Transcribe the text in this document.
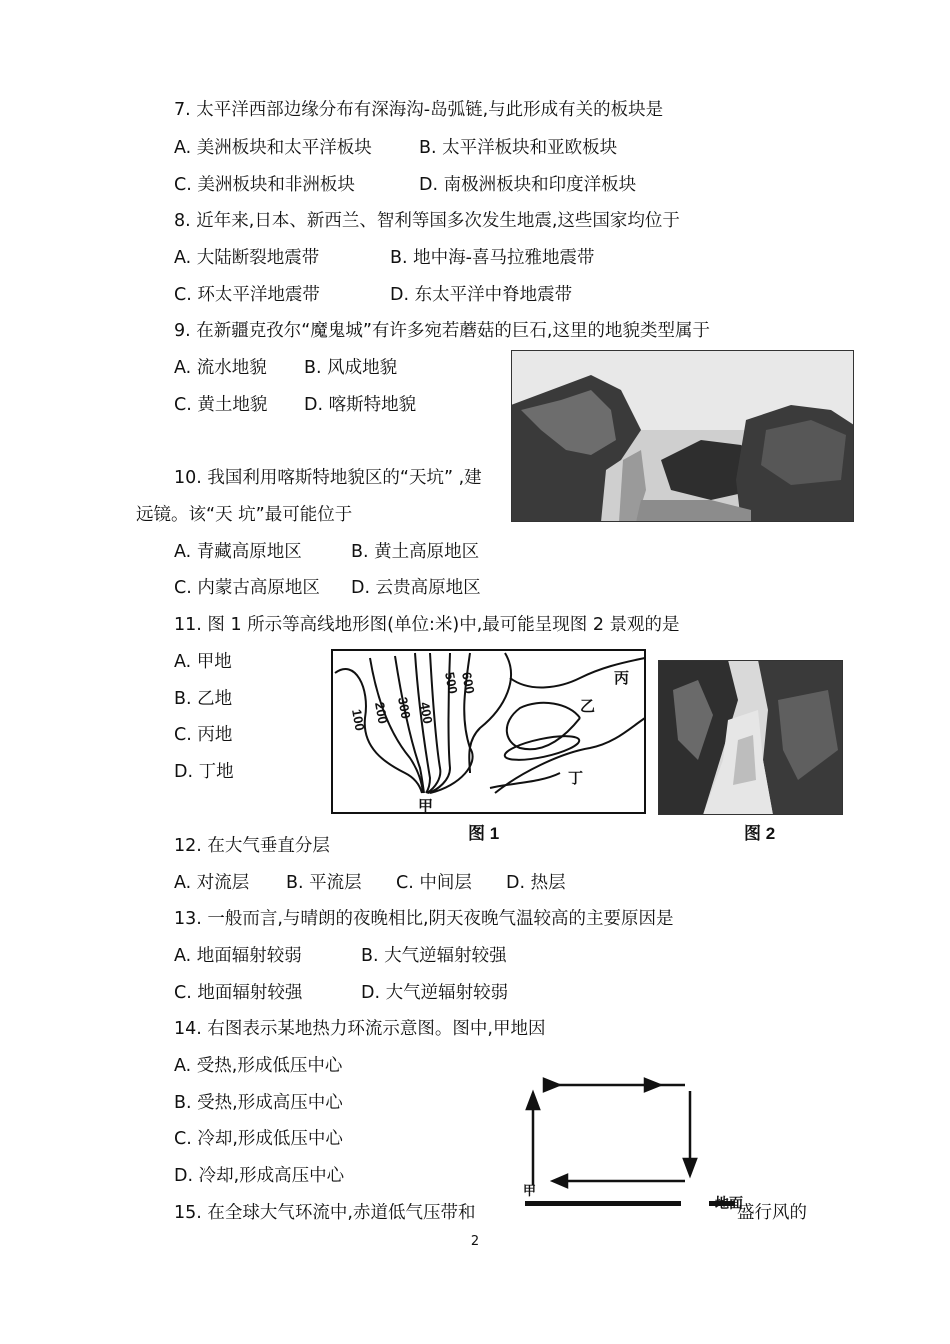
7. 太平洋西部边缘分布有深海沟-岛弧链,与此形成有关的板块是
A. 美洲板块和太平洋板块	B. 太平洋板块和亚欧板块
C. 美洲板块和非洲板块	D. 南极洲板块和印度洋板块
8. 近年来,日本、新西兰、智利等国多次发生地震,这些国家均位于
A. 大陆断裂地震带	B. 地中海-喜马拉雅地震带
C. 环太平洋地震带	D. 东太平洋中脊地震带
9. 在新疆克孜尔“魔鬼城”有许多宛若蘑菇的巨石,这里的地貌类型属于
A. 流水地貌 B. 风成地貌
C. 黄土地貌 D. 喀斯特地貌
10. 我国利用喀斯特地貌区的“天坑” ,建
远镜。该“天 坑”最可能位于
A. 青藏高原地区	B. 黄土高原地区
C. 内蒙古高原地区 D. 云贵高原地区
11. 图 1 所示等高线地形图(单位:米)中,最可能呈现图 2 景观的是
A. 甲地
B. 乙地
C. 丙地
D. 丁地
100 200 300 400
500
600
甲
乙
丙
丁
图 1	图 2
12. 在大气垂直分层
A. 对流层 B. 平流层 C. 中间层 D. 热层
13. 一般而言,与晴朗的夜晚相比,阴天夜晚气温较高的主要原因是
A. 地面辐射较弱	B. 大气逆辐射较强
C. 地面辐射较强	D. 大气逆辐射较弱
14. 右图表示某地热力环流示意图。图中,甲地因
A. 受热,形成低压中心
B. 受热,形成高压中心
C. 冷却,形成低压中心
D. 冷却,形成高压中心
甲
地面
15. 在全球大气环流中,赤道低气压带和	盛行风的
2
